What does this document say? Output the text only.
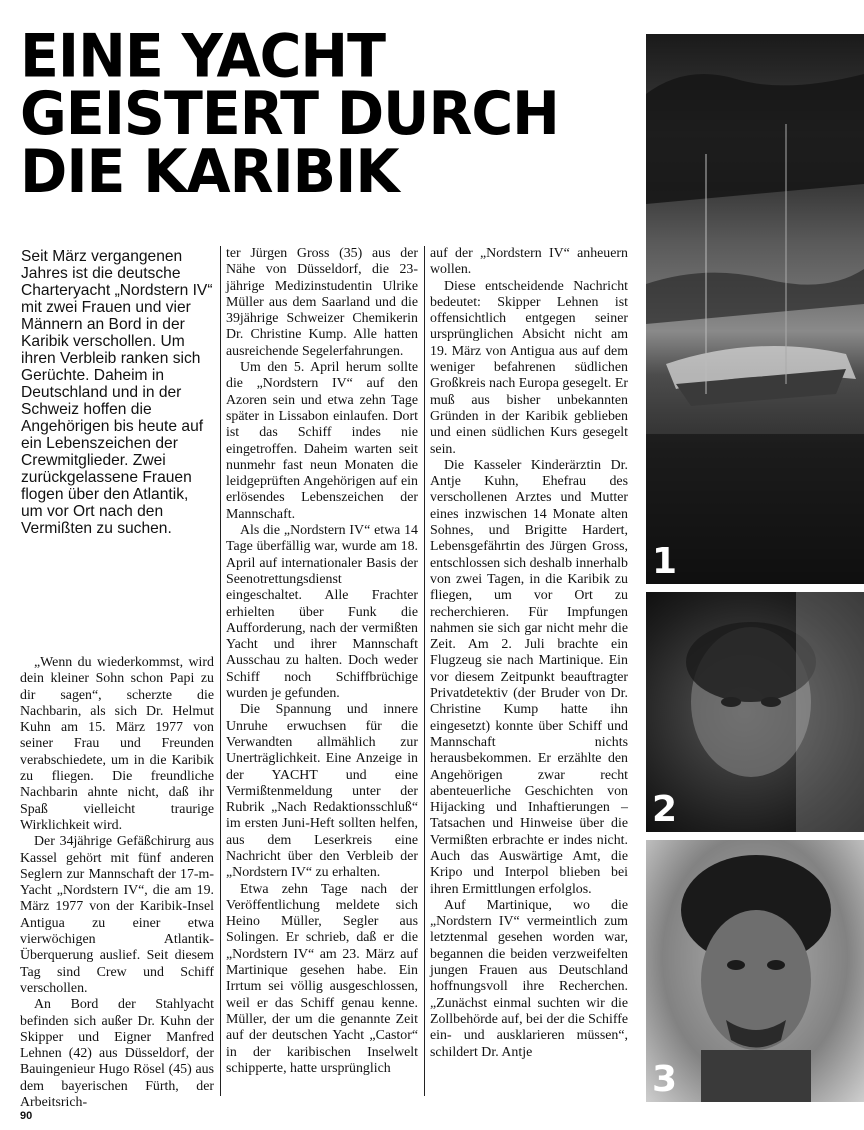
EINE YACHT
GEISTERT DURCH
DIE KARIBIK

Seit März vergangenen Jahres ist die deutsche Charteryacht „Nordstern IV“ mit zwei Frauen und vier Männern an Bord in der Karibik verschollen. Um ihren Verbleib ranken sich Gerüchte. Daheim in Deutschland und in der Schweiz hoffen die Angehörigen bis heute auf ein Lebenszeichen der Crewmitglieder. Zwei zurückgelassene Frauen flogen über den Atlantik, um vor Ort nach den Vermißten zu suchen.

„Wenn du wiederkommst, wird dein kleiner Sohn schon Papi zu dir sagen“, scherzte die Nachbarin, als sich Dr. Helmut Kuhn am 15. März 1977 von seiner Frau und Freunden verabschiedete, um in die Karibik zu fliegen. Die freundliche Nachbarin ahnte nicht, daß ihr Spaß vielleicht traurige Wirklichkeit wird.

Der 34jährige Gefäßchirurg aus Kassel gehört mit fünf anderen Seglern zur Mannschaft der 17-m-Yacht „Nordstern IV“, die am 19. März 1977 von der Karibik-Insel Antigua zu einer etwa vierwöchigen Atlantik-Überquerung auslief. Seit diesem Tag sind Crew und Schiff verschollen.

An Bord der Stahlyacht befinden sich außer Dr. Kuhn der Skipper und Eigner Manfred Lehnen (42) aus Düsseldorf, der Bauingenieur Hugo Rösel (45) aus dem bayerischen Fürth, der Arbeitsrich-

ter Jürgen Gross (35) aus der Nähe von Düsseldorf, die 23-jährige Medizinstudentin Ulrike Müller aus dem Saarland und die 39jährige Schweizer Chemikerin Dr. Christine Kump. Alle hatten ausreichende Segelerfahrungen.

Um den 5. April herum sollte die „Nordstern IV“ auf den Azoren sein und etwa zehn Tage später in Lissabon einlaufen. Dort ist das Schiff indes nie eingetroffen. Daheim warten seit nunmehr fast neun Monaten die leidgeprüften Angehörigen auf ein erlösendes Lebenszeichen der Mannschaft.

Als die „Nordstern IV“ etwa 14 Tage überfällig war, wurde am 18. April auf internationaler Basis der Seenotrettungsdienst eingeschaltet. Alle Frachter erhielten über Funk die Aufforderung, nach der vermißten Yacht und ihrer Mannschaft Ausschau zu halten. Doch weder Schiff noch Schiffbrüchige wurden je gefunden.

Die Spannung und innere Unruhe erwuchsen für die Verwandten allmählich zur Unerträglichkeit. Eine Anzeige in der YACHT und eine Vermißtenmeldung unter der Rubrik „Nach Redaktionsschluß“ im ersten Juni-Heft sollten helfen, aus dem Leserkreis eine Nachricht über den Verbleib der „Nordstern IV“ zu erhalten.

Etwa zehn Tage nach der Veröffentlichung meldete sich Heino Müller, Segler aus Solingen. Er schrieb, daß er die „Nordstern IV“ am 23. März auf Martinique gesehen habe. Ein Irrtum sei völlig ausgeschlossen, weil er das Schiff genau kenne. Müller, der um die genannte Zeit auf der deutschen Yacht „Castor“ in der karibischen Inselwelt schipperte, hatte ursprünglich

auf der „Nordstern IV“ anheuern wollen.

Diese entscheidende Nachricht bedeutet: Skipper Lehnen ist offensichtlich entgegen seiner ursprünglichen Absicht nicht am 19. März von Antigua aus auf dem weniger befahrenen südlichen Großkreis nach Europa gesegelt. Er muß aus bisher unbekannten Gründen in der Karibik geblieben und einen südlichen Kurs gesegelt sein.

Die Kasseler Kinderärztin Dr. Antje Kuhn, Ehefrau des verschollenen Arztes und Mutter eines inzwischen 14 Monate alten Sohnes, und Brigitte Hardert, Lebensgefährtin des Jürgen Gross, entschlossen sich deshalb innerhalb von zwei Tagen, in die Karibik zu fliegen, um vor Ort zu recherchieren. Für Impfungen nahmen sie sich gar nicht mehr die Zeit. Am 2. Juli brachte ein Flugzeug sie nach Martinique. Ein vor diesem Zeitpunkt beauftragter Privatdetektiv (der Bruder von Dr. Christine Kump hatte ihn eingesetzt) konnte über Schiff und Mannschaft nichts herausbekommen. Er erzählte den Angehörigen zwar recht abenteuerliche Geschichten von Hijacking und Inhaftierungen – Tatsachen und Hinweise über die Vermißten erbrachte er indes nicht. Auch das Auswärtige Amt, die Kripo und Interpol blieben bei ihren Ermittlungen erfolglos.

Auf Martinique, wo die „Nordstern IV“ vermeintlich zum letztenmal gesehen worden war, begannen die beiden verzweifelten jungen Frauen aus Deutschland hoffnungsvoll ihre Recherchen. „Zunächst einmal suchten wir die Zollbehörde auf, bei der die Schiffe ein- und ausklarieren müssen“, schildert Dr. Antje

1
2
3
90
